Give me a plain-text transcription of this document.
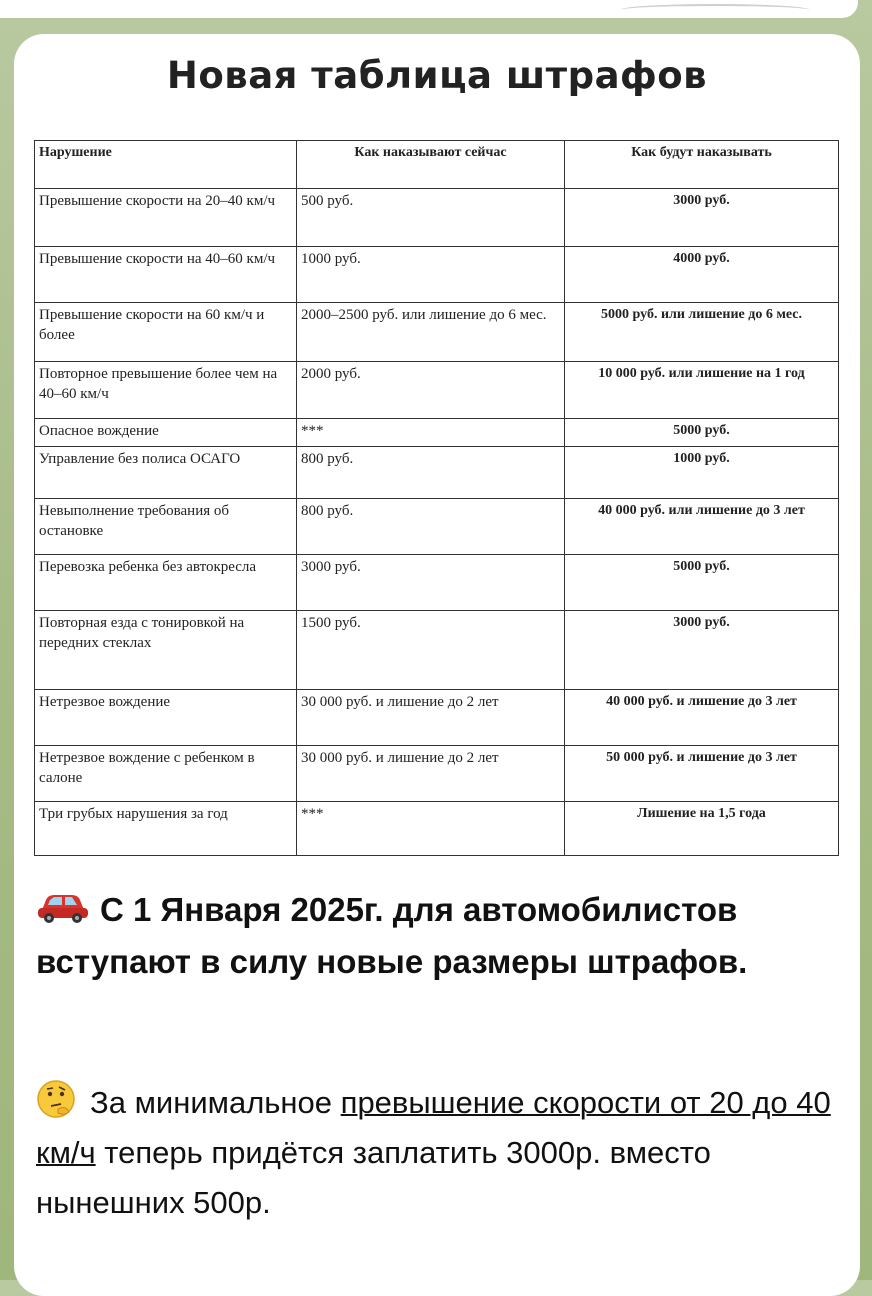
Новая таблица штрафов
Нарушение	Как наказывают сейчас	Как будут наказывать
Превышение скорости на 20–40 км/ч	500 руб.	3000 руб.
Превышение скорости на 40–60 км/ч	1000 руб.	4000 руб.
Превышение скорости на 60 км/ч и более	2000–2500 руб. или лишение до 6 мес.	5000 руб. или лишение до 6 мес.
Повторное превышение более чем на 40–60 км/ч	2000 руб.	10 000 руб. или лишение на 1 год
Опасное вождение	***	5000 руб.
Управление без полиса ОСАГО	800 руб.	1000 руб.
Невыполнение требования об остановке	800 руб.	40 000 руб. или лишение до 3 лет
Перевозка ребенка без автокресла	3000 руб.	5000 руб.
Повторная езда с тонировкой на передних стеклах	1500 руб.	3000 руб.
Нетрезвое вождение	30 000 руб. и лишение до 2 лет	40 000 руб. и лишение до 3 лет
Нетрезвое вождение с ребенком в салоне	30 000 руб. и лишение до 2 лет	50 000 руб. и лишение до 3 лет
Три грубых нарушения за год	***	Лишение на 1,5 года
С 1 Января 2025г. для автомобилистов вступают в силу новые размеры штрафов.
За минимальное превышение скорости от 20 до 40 км/ч теперь придётся заплатить 3000р. вместо нынешних 500р.
